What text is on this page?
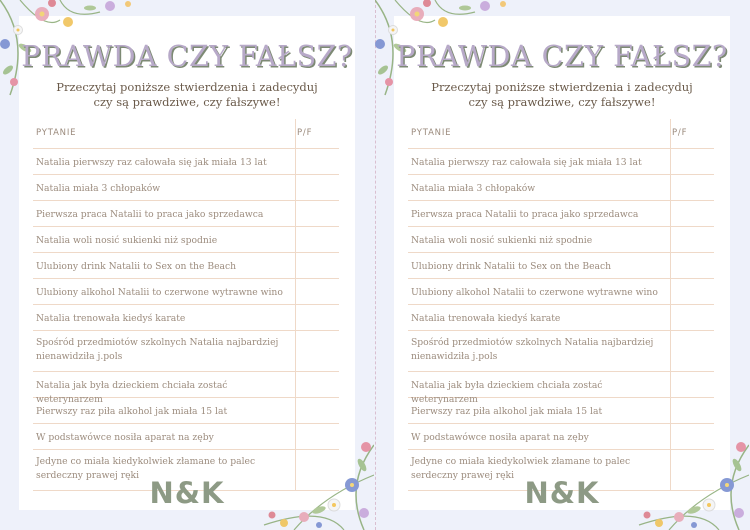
PRAWDA CZY FAŁSZ?
Przeczytaj poniższe stwierdzenia i zadecyduj
czy są prawdziwe, czy fałszywe!
PYTANIE	P/F
Natalia pierwszy raz całowała się jak miała 13 lat
Natalia miała 3 chłopaków
Pierwsza praca Natalii to praca jako sprzedawca
Natalia woli nosić sukienki niż spodnie
Ulubiony drink Natalii to Sex on the Beach
Ulubiony alkohol Natalii to czerwone wytrawne wino
Natalia trenowała kiedyś karate
Spośród przedmiotów szkolnych Natalia najbardziej nienawidziła j.pols
Natalia jak była dzieckiem chciała zostać weterynarzem
Pierwszy raz piła alkohol jak miała 15 lat
W podstawówce nosiła aparat na zęby
Jedyne co miała kiedykolwiek złamane to palec serdeczny prawej ręki
N&K
PRAWDA CZY FAŁSZ?
Przeczytaj poniższe stwierdzenia i zadecyduj
czy są prawdziwe, czy fałszywe!
PYTANIE	P/F
Natalia pierwszy raz całowała się jak miała 13 lat
Natalia miała 3 chłopaków
Pierwsza praca Natalii to praca jako sprzedawca
Natalia woli nosić sukienki niż spodnie
Ulubiony drink Natalii to Sex on the Beach
Ulubiony alkohol Natalii to czerwone wytrawne wino
Natalia trenowała kiedyś karate
Spośród przedmiotów szkolnych Natalia najbardziej nienawidziła j.pols
Natalia jak była dzieckiem chciała zostać weterynarzem
Pierwszy raz piła alkohol jak miała 15 lat
W podstawówce nosiła aparat na zęby
Jedyne co miała kiedykolwiek złamane to palec serdeczny prawej ręki
N&K
